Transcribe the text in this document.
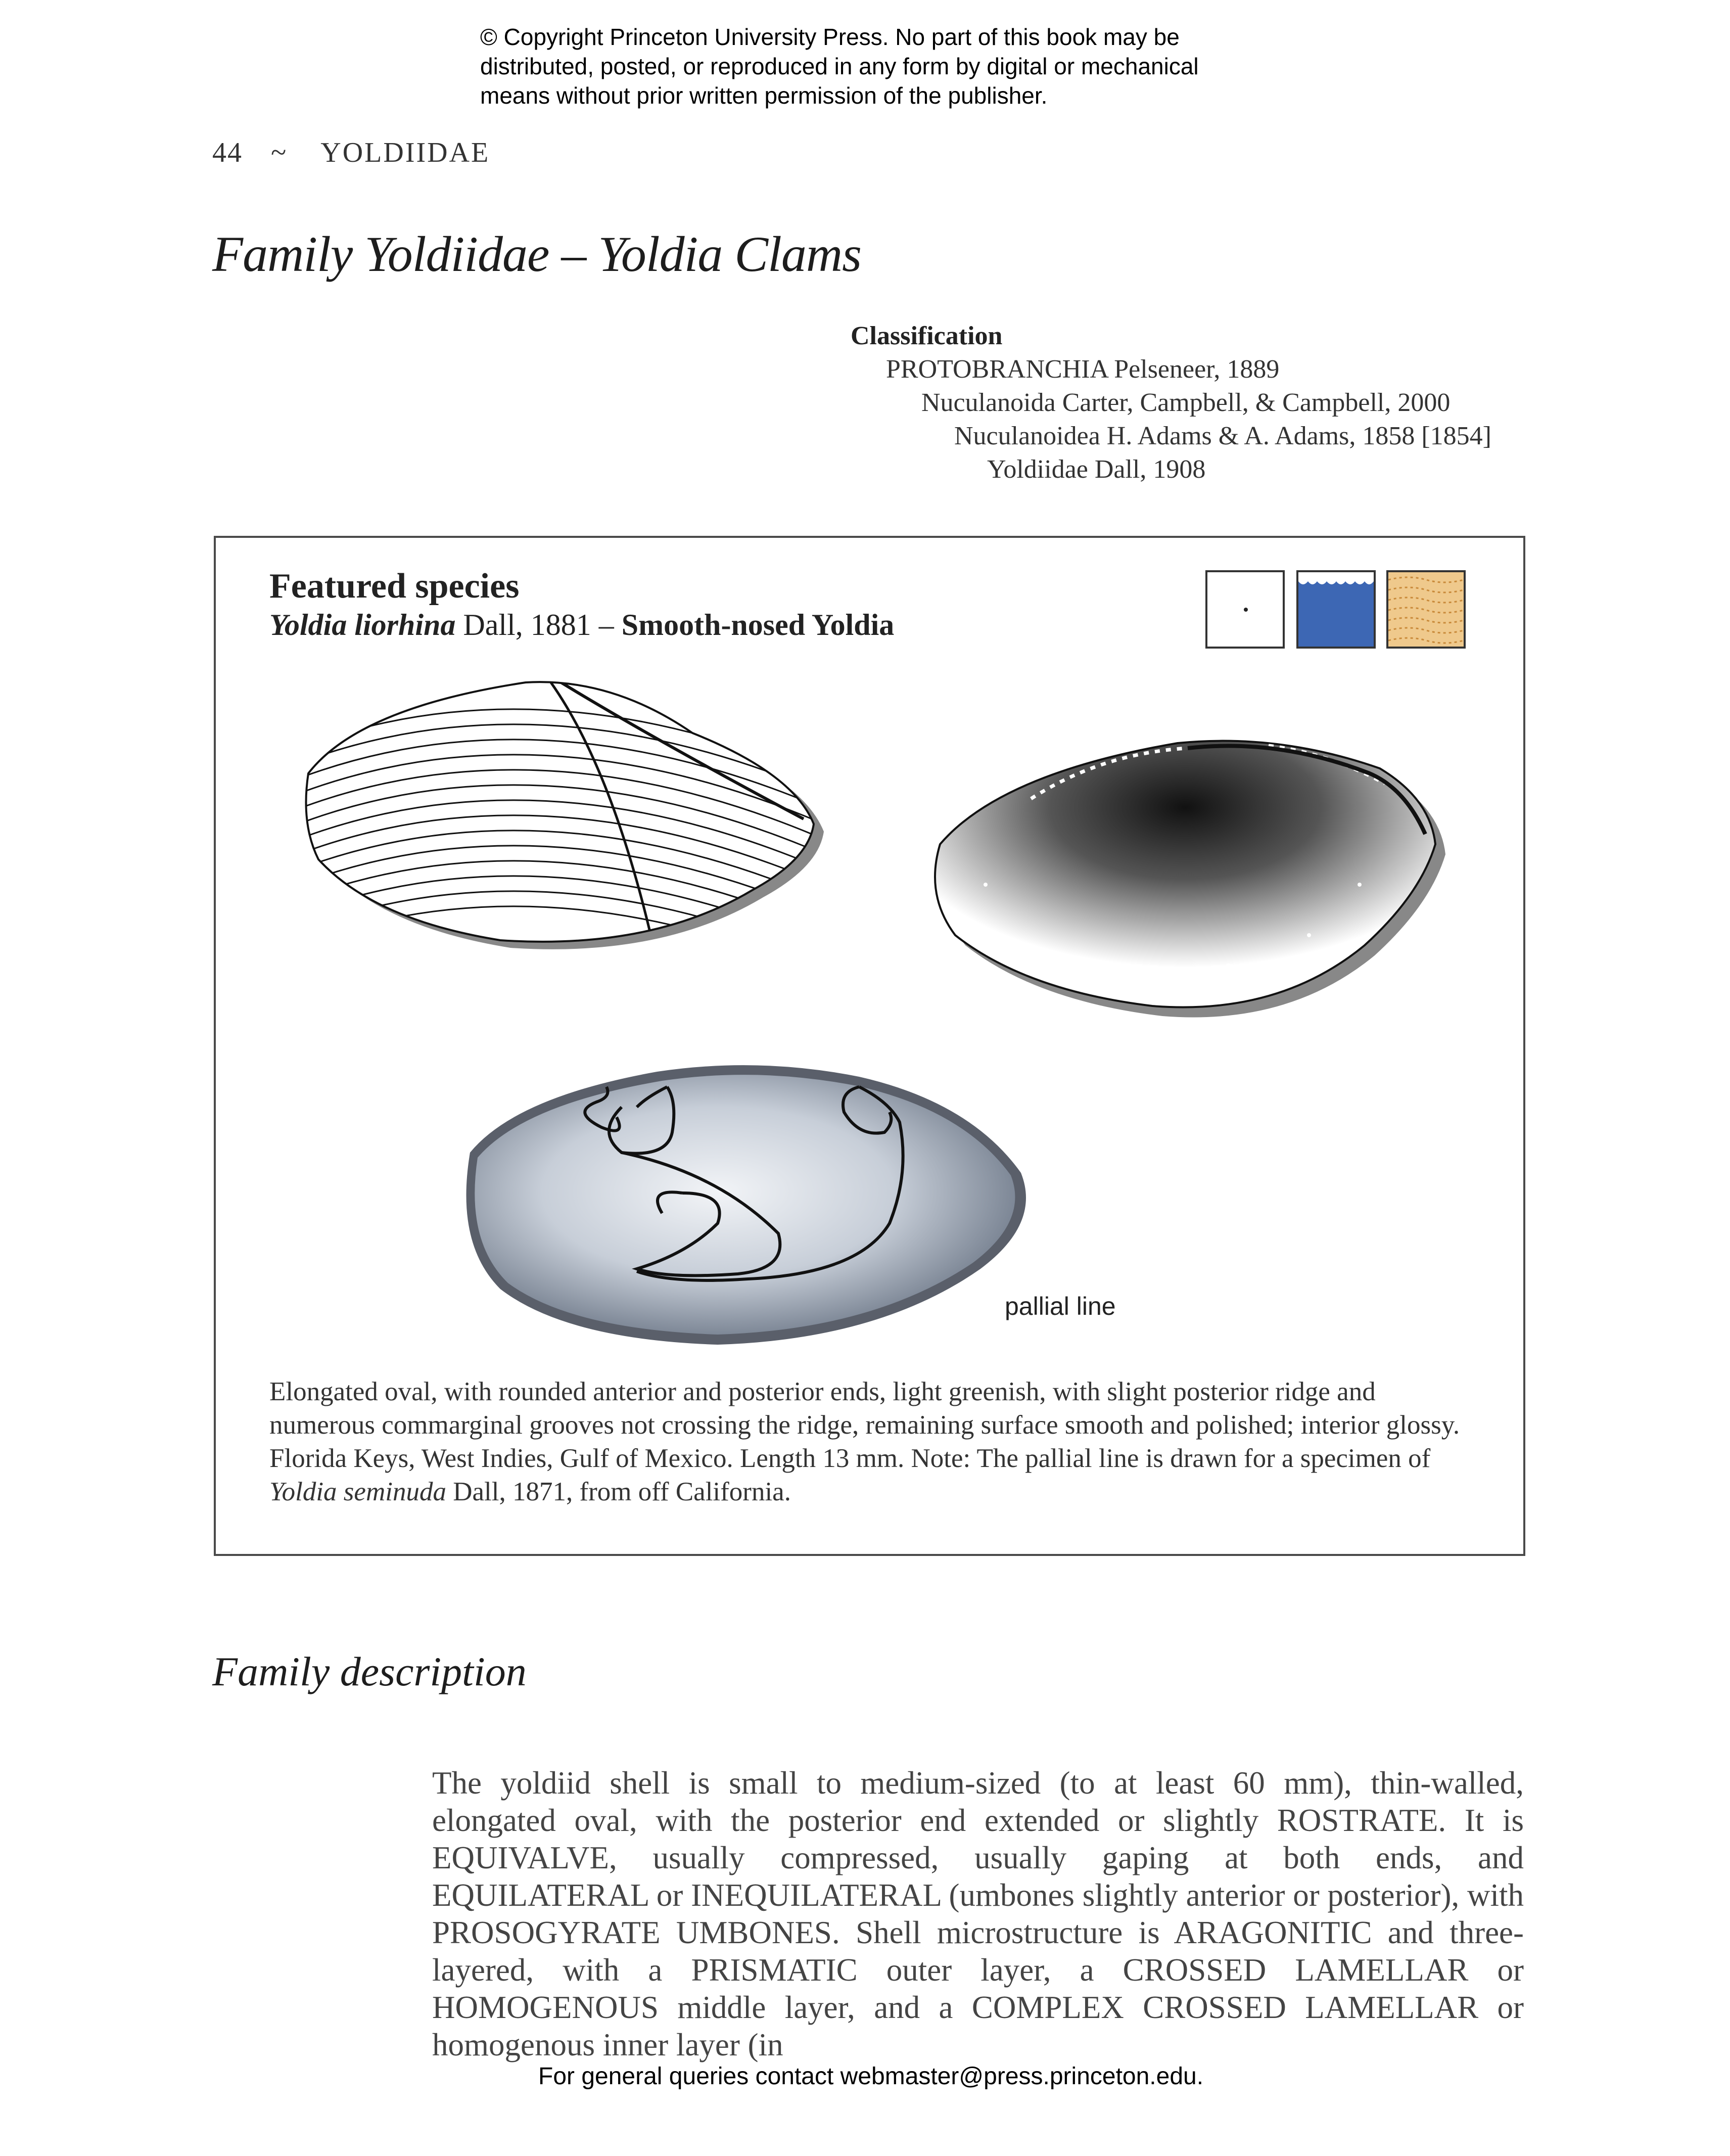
© Copyright Princeton University Press. No part of this book may be
distributed, posted, or reproduced in any form by digital or mechanical
means without prior written permission of the publisher.
44 ~ YOLDIIDAE
Family Yoldiidae – Yoldia Clams
Classification
PROTOBRANCHIA Pelseneer, 1889
Nuculanoida Carter, Campbell, & Campbell, 2000
Nuculanoidea H. Adams & A. Adams, 1858 [1854]
Yoldiidae Dall, 1908
Featured species
Yoldia liorhina Dall, 1881 – Smooth-nosed Yoldia
pallial line
Elongated oval, with rounded anterior and posterior ends, light greenish, with slight posterior ridge and numerous commarginal grooves not crossing the ridge, remaining surface smooth and polished; interior glossy. Florida Keys, West Indies, Gulf of Mexico. Length 13 mm. Note: The pallial line is drawn for a specimen of Yoldia seminuda Dall, 1871, from off California.
Family description
The yoldiid shell is small to medium-sized (to at least 60 mm), thin-walled, elongated oval, with the posterior end extended or slightly ROSTRATE. It is EQUIVALVE, usually compressed, usually gaping at both ends, and EQUILATERAL or INEQUILATERAL (umbones slightly anterior or posterior), with PROSOGYRATE UMBONES. Shell microstructure is ARAGONITIC and three-layered, with a PRISMATIC outer layer, a CROSSED LAMELLAR or HOMOGENOUS middle layer, and a COMPLEX CROSSED LAMELLAR or homogenous inner layer (in
For general queries contact webmaster@press.princeton.edu.
